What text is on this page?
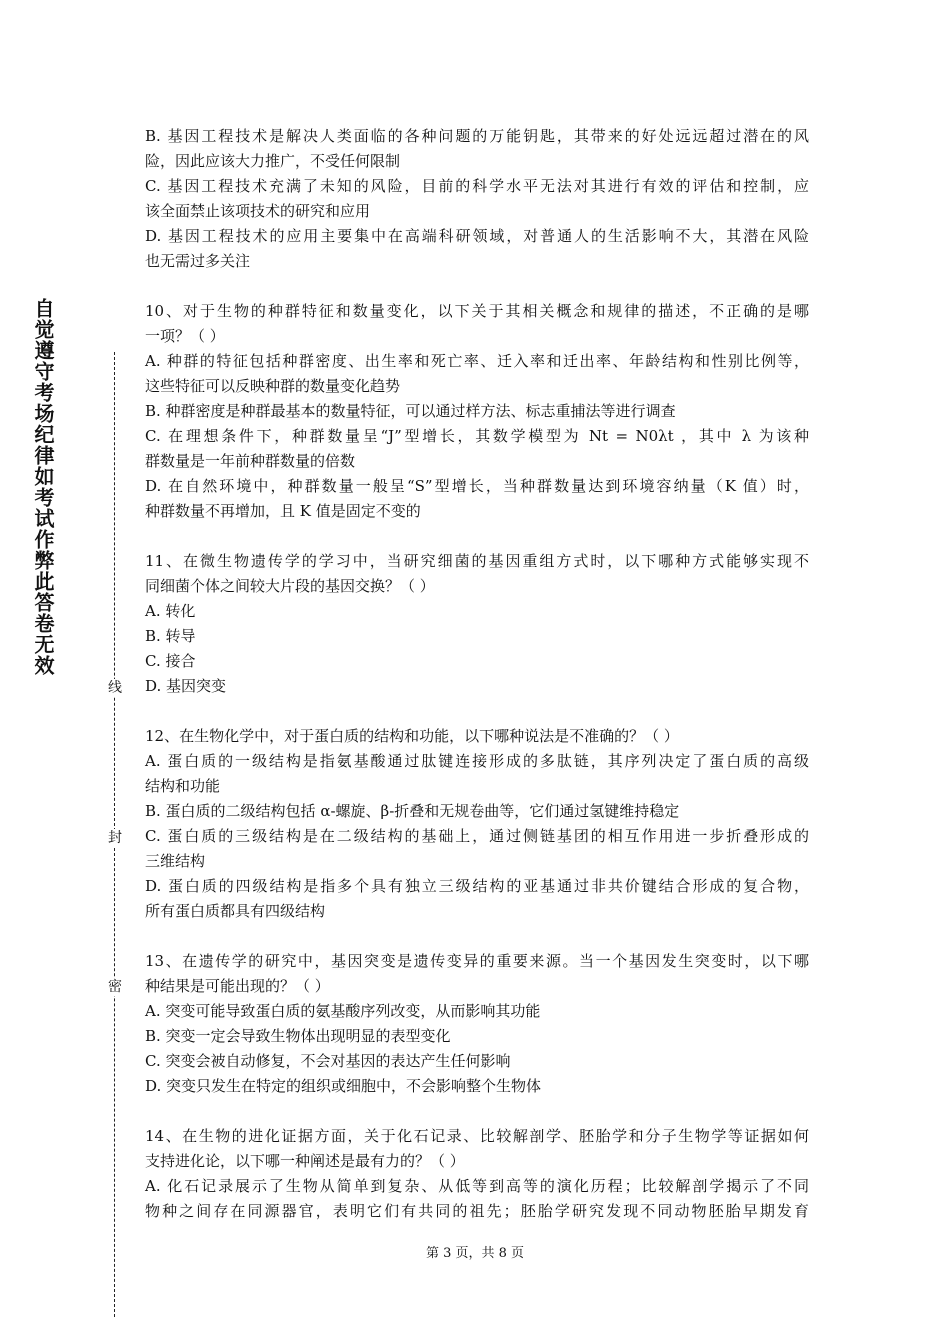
自觉遵守考场纪律如考试作弊此答卷无效
线
封
密
B. 基因工程技术是解决人类面临的各种问题的万能钥匙，其带来的好处远远超过潜在的风
险，因此应该大力推广，不受任何限制
C. 基因工程技术充满了未知的风险，目前的科学水平无法对其进行有效的评估和控制，应
该全面禁止该项技术的研究和应用
D. 基因工程技术的应用主要集中在高端科研领域，对普通人的生活影响不大，其潜在风险
也无需过多关注
10、对于生物的种群特征和数量变化，以下关于其相关概念和规律的描述，不正确的是哪
一项？（ ）
A. 种群的特征包括种群密度、出生率和死亡率、迁入率和迁出率、年龄结构和性别比例等，
这些特征可以反映种群的数量变化趋势
B. 种群密度是种群最基本的数量特征，可以通过样方法、标志重捕法等进行调查
C. 在理想条件下，种群数量呈“J”型增长，其数学模型为 Nt = N0λt ，其中 λ 为该种
群数量是一年前种群数量的倍数
D. 在自然环境中，种群数量一般呈“S”型增长，当种群数量达到环境容纳量（K 值）时，
种群数量不再增加，且 K 值是固定不变的
11、在微生物遗传学的学习中，当研究细菌的基因重组方式时，以下哪种方式能够实现不
同细菌个体之间较大片段的基因交换？（ ）
A. 转化
B. 转导
C. 接合
D. 基因突变
12、在生物化学中，对于蛋白质的结构和功能，以下哪种说法是不准确的？（ ）
A. 蛋白质的一级结构是指氨基酸通过肽键连接形成的多肽链，其序列决定了蛋白质的高级
结构和功能
B. 蛋白质的二级结构包括 α-螺旋、β-折叠和无规卷曲等，它们通过氢键维持稳定
C. 蛋白质的三级结构是在二级结构的基础上，通过侧链基团的相互作用进一步折叠形成的
三维结构
D. 蛋白质的四级结构是指多个具有独立三级结构的亚基通过非共价键结合形成的复合物，
所有蛋白质都具有四级结构
13、在遗传学的研究中，基因突变是遗传变异的重要来源。当一个基因发生突变时，以下哪
种结果是可能出现的？（ ）
A. 突变可能导致蛋白质的氨基酸序列改变，从而影响其功能
B. 突变一定会导致生物体出现明显的表型变化
C. 突变会被自动修复，不会对基因的表达产生任何影响
D. 突变只发生在特定的组织或细胞中，不会影响整个生物体
14、在生物的进化证据方面，关于化石记录、比较解剖学、胚胎学和分子生物学等证据如何
支持进化论，以下哪一种阐述是最有力的？（ ）
A. 化石记录展示了生物从简单到复杂、从低等到高等的演化历程；比较解剖学揭示了不同
物种之间存在同源器官，表明它们有共同的祖先；胚胎学研究发现不同动物胚胎早期发育
第 3 页，共 8 页
